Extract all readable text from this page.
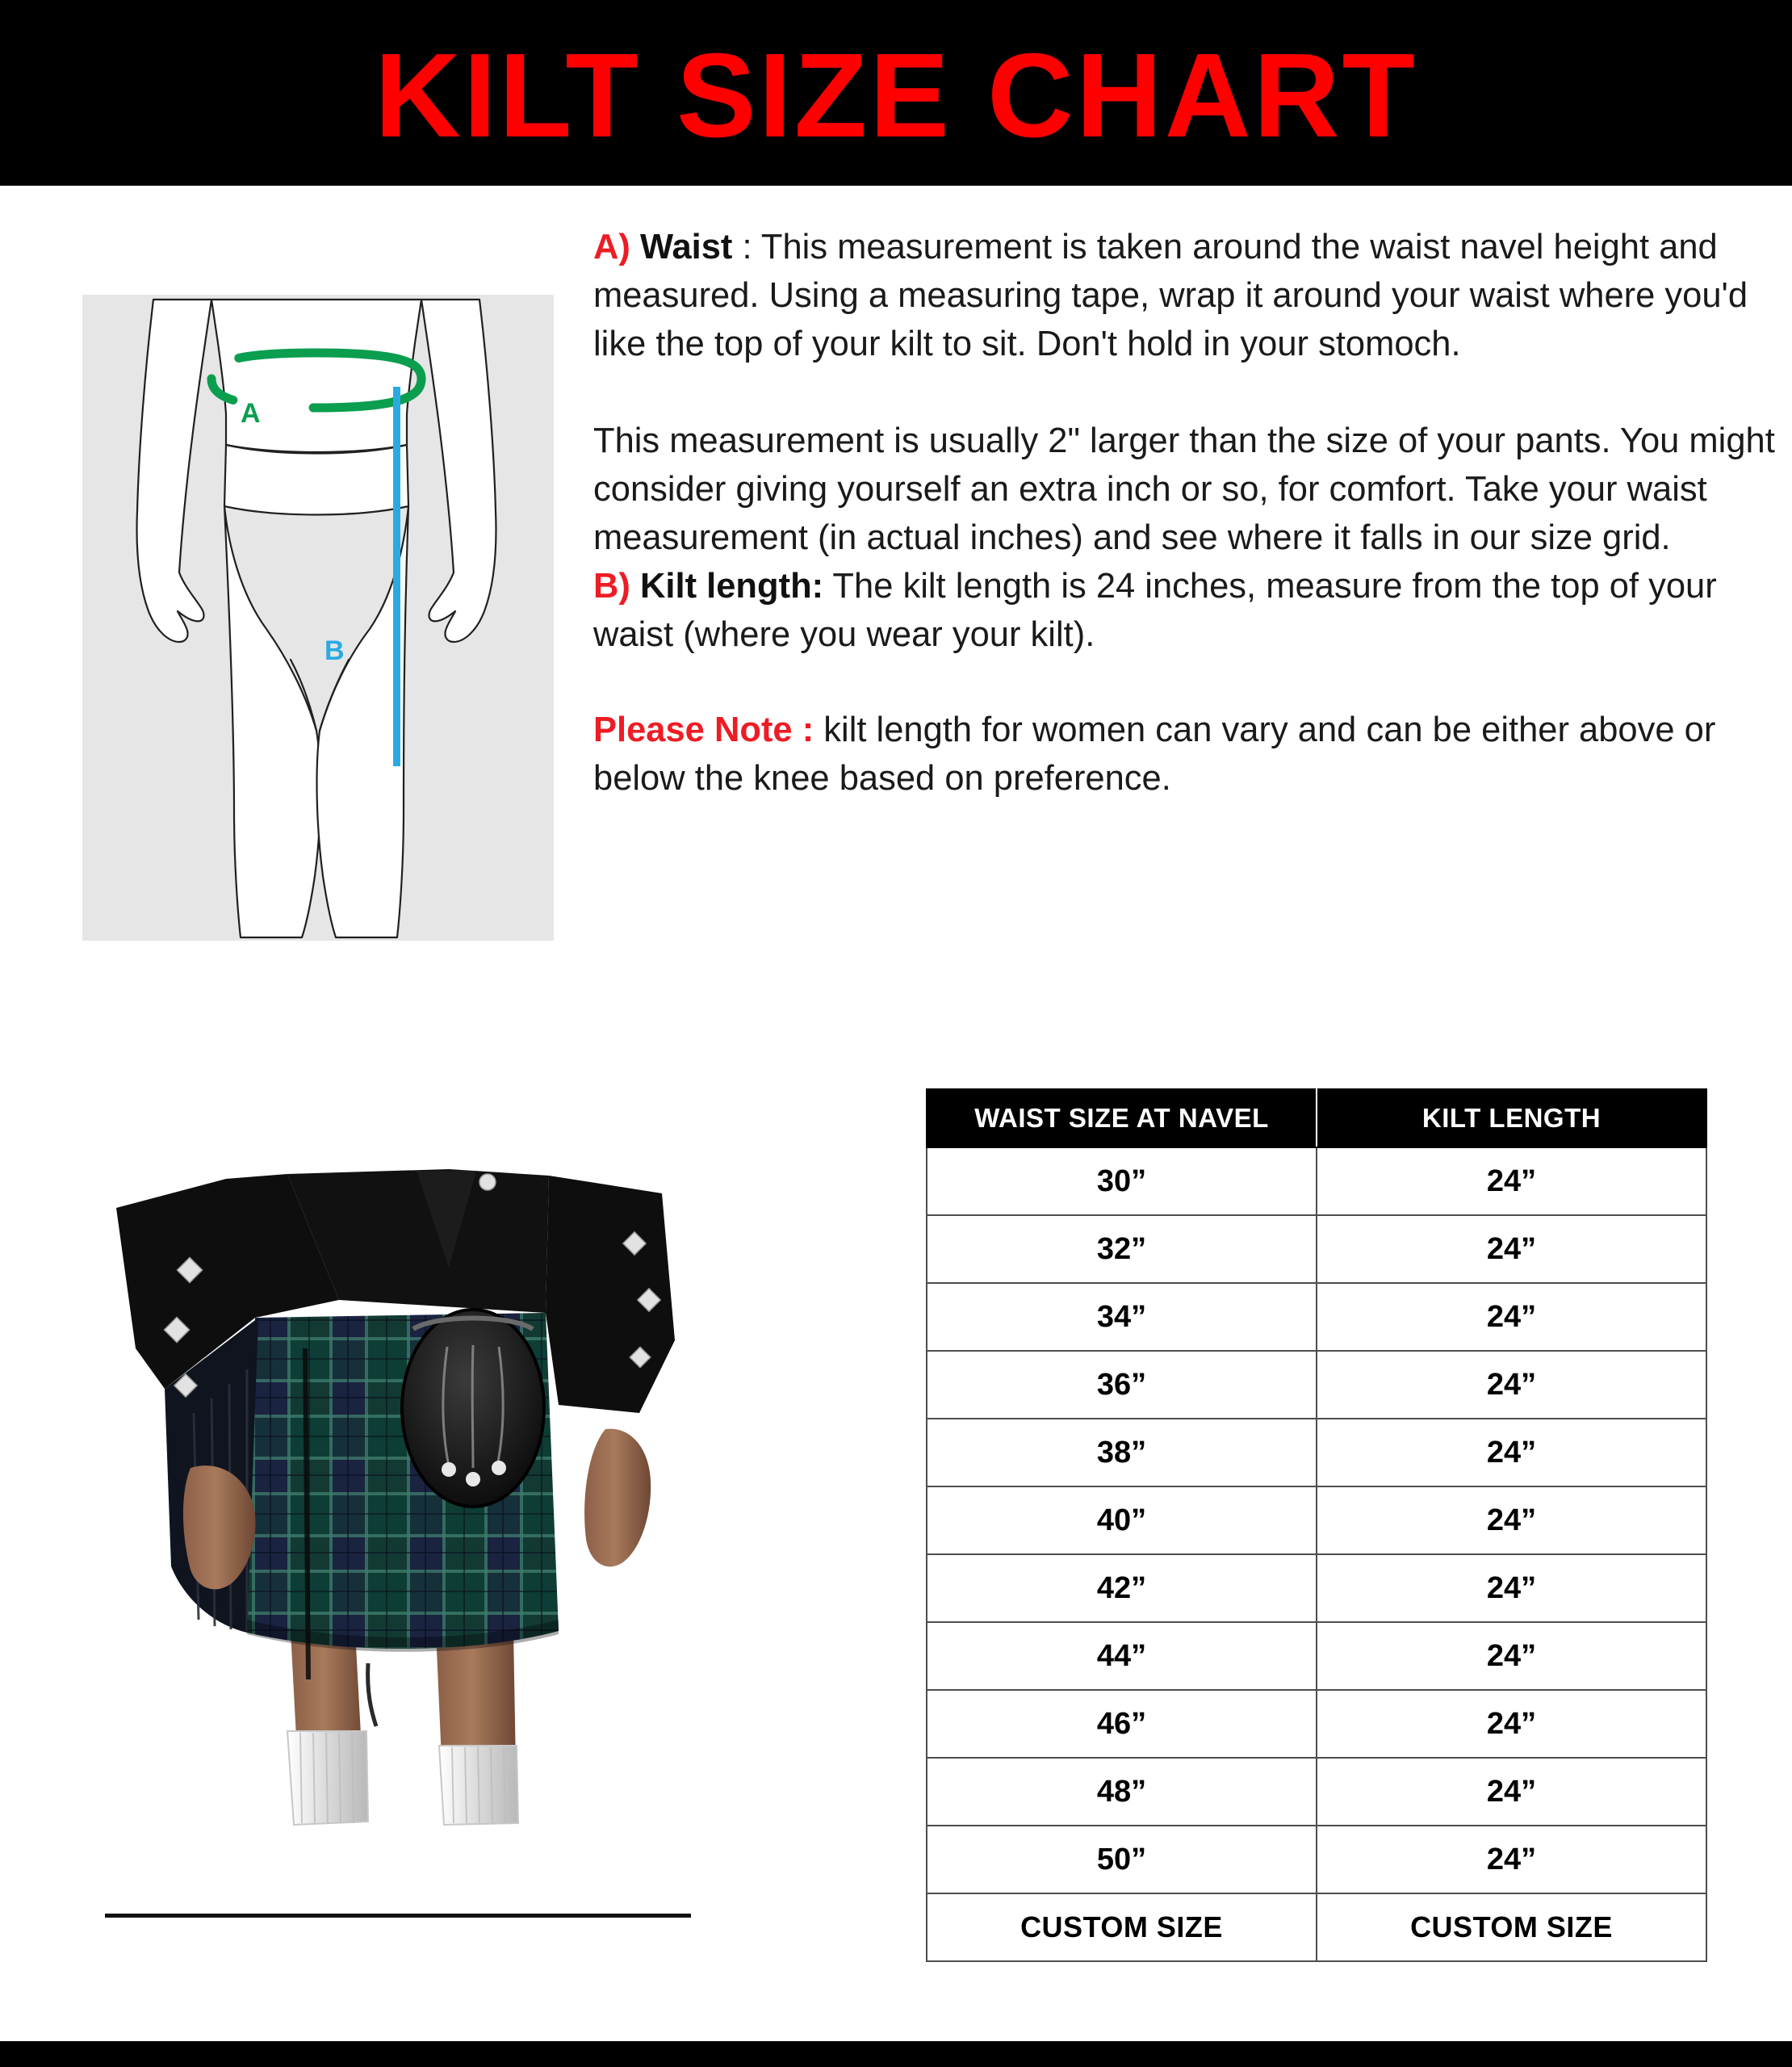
KILT SIZE CHART
A
B

A) Waist : This measurement is taken around the waist navel height and measured. Using a measuring tape, wrap it around your waist where you'd like the top of your kilt to sit. Don't hold in your stomoch.

This measurement is usually 2" larger than the size of your pants. You might consider giving yourself an extra inch or so, for comfort. Take your waist measurement (in actual inches) and see where it falls in our size grid.

B) Kilt length: The kilt length is 24 inches, measure from the top of your waist (where you wear your kilt).

Please Note : kilt length for women can vary and can be either above or below the knee based on preference.

WAIST SIZE AT NAVEL	KILT LENGTH
30”	24”
32”	24”
34”	24”
36”	24”
38”	24”
40”	24”
42”	24”
44”	24”
46”	24”
48”	24”
50”	24”
CUSTOM SIZE	CUSTOM SIZE
